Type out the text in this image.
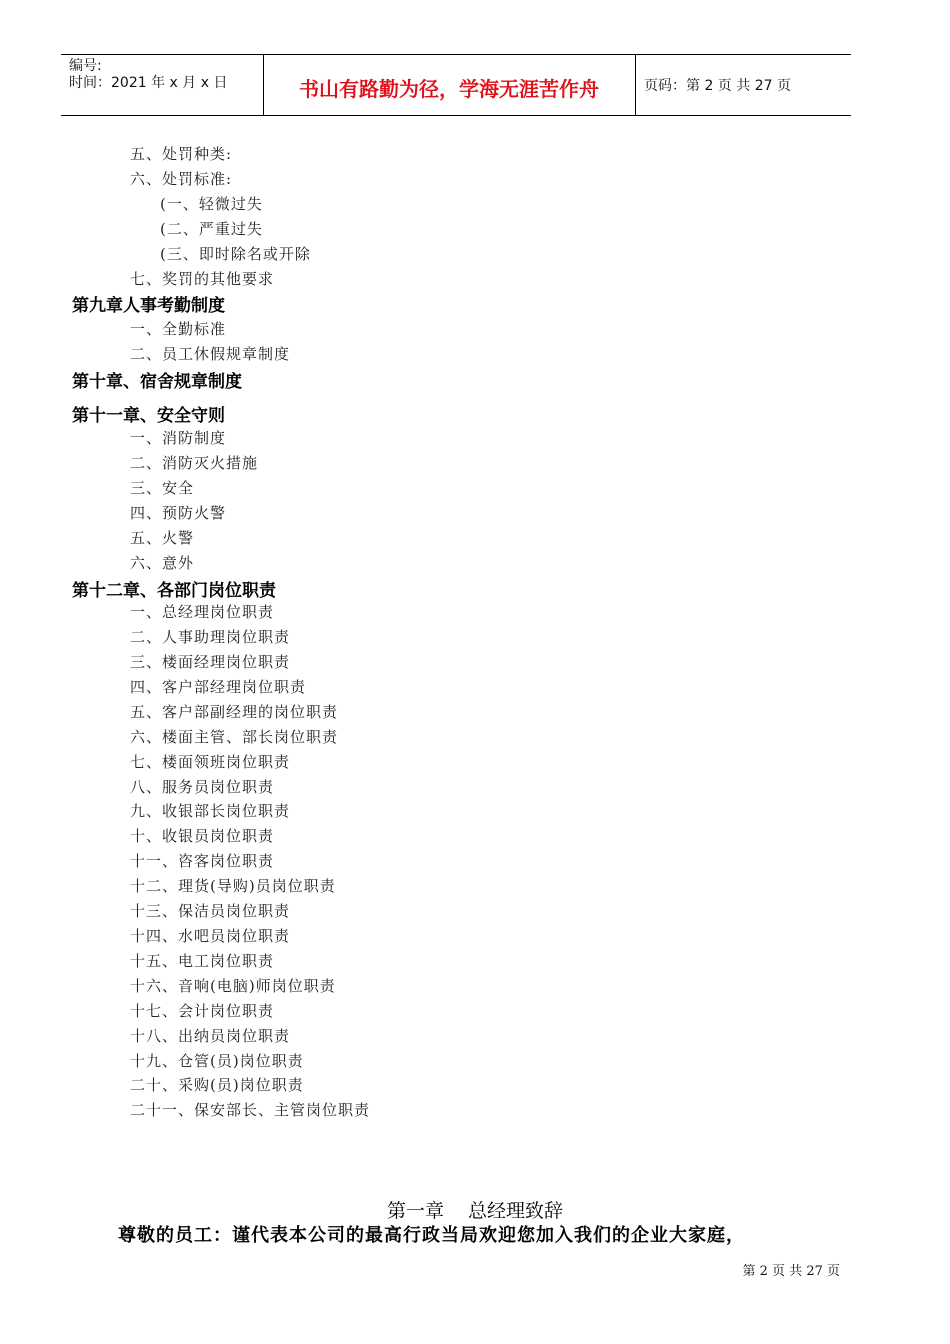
编号:
时间：2021 年 x 月 x 日	书山有路勤为径，学海无涯苦作舟	页码：第 2 页 共 27 页
五、处罚种类:
六、处罚标准:
(一、轻微过失
(二、严重过失
(三、即时除名或开除
七、奖罚的其他要求
第九章人事考勤制度
一、全勤标准
二、员工休假规章制度
第十章、宿舍规章制度
第十一章、安全守则
一、消防制度
二、消防灭火措施
三、安全
四、预防火警
五、火警
六、意外
第十二章、各部门岗位职责
一、总经理岗位职责
二、人事助理岗位职责
三、楼面经理岗位职责
四、客户部经理岗位职责
五、客户部副经理的岗位职责
六、楼面主管、部长岗位职责
七、楼面领班岗位职责
八、服务员岗位职责
九、收银部长岗位职责
十、收银员岗位职责
十一、咨客岗位职责
十二、理货(导购)员岗位职责
十三、保洁员岗位职责
十四、水吧员岗位职责
十五、电工岗位职责
十六、音响(电脑)师岗位职责
十七、会计岗位职责
十八、出纳员岗位职责
十九、仓管(员)岗位职责
二十、采购(员)岗位职责
二十一、保安部长、主管岗位职责
第一章 总经理致辞
尊敬的员工：谨代表本公司的最高行政当局欢迎您加入我们的企业大家庭，
第 2 页 共 27 页
